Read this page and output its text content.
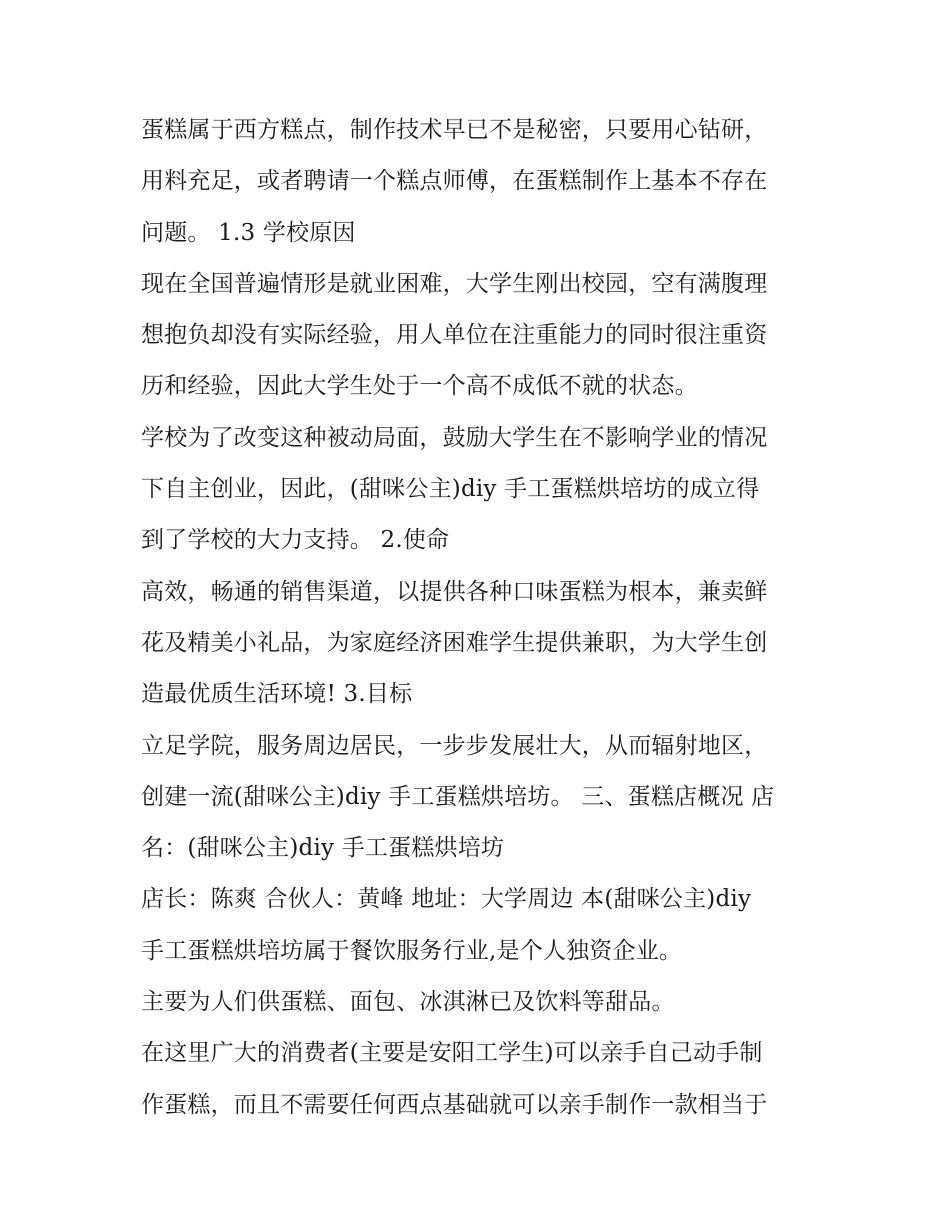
蛋糕属于西方糕点，制作技术早已不是秘密，只要用心钻研，
用料充足，或者聘请一个糕点师傅，在蛋糕制作上基本不存在
问题。 1.3 学校原因
现在全国普遍情形是就业困难，大学生刚出校园，空有满腹理
想抱负却没有实际经验，用人单位在注重能力的同时很注重资
历和经验，因此大学生处于一个高不成低不就的状态。
学校为了改变这种被动局面，鼓励大学生在不影响学业的情况
下自主创业，因此，(甜咪公主)diy 手工蛋糕烘培坊的成立得
到了学校的大力支持。 2.使命
高效，畅通的销售渠道，以提供各种口味蛋糕为根本，兼卖鲜
花及精美小礼品，为家庭经济困难学生提供兼职，为大学生创
造最优质生活环境! 3.目标
立足学院，服务周边居民，一步步发展壮大，从而辐射地区，
创建一流(甜咪公主)diy 手工蛋糕烘培坊。 三、蛋糕店概况 店
名：(甜咪公主)diy 手工蛋糕烘培坊
店长：陈爽 合伙人：黄峰 地址：大学周边 本(甜咪公主)diy
手工蛋糕烘培坊属于餐饮服务行业,是个人独资企业。
主要为人们供蛋糕、面包、冰淇淋已及饮料等甜品。
在这里广大的消费者(主要是安阳工学生)可以亲手自己动手制
作蛋糕，而且不需要任何西点基础就可以亲手制作一款相当于
